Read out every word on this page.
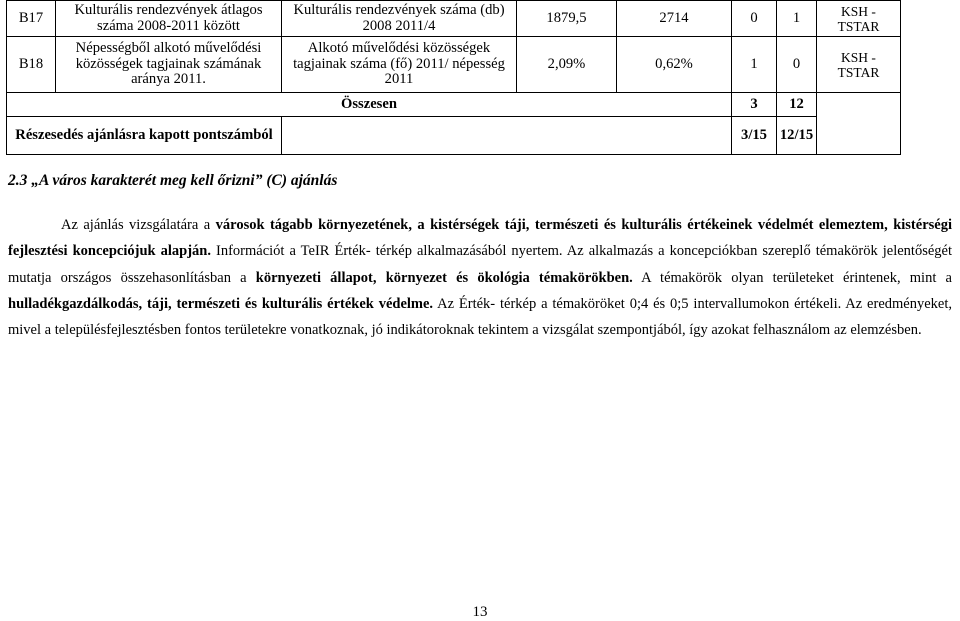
B17	Kulturális rendezvények átlagos száma 2008-2011 között	Kulturális rendezvények száma (db) 2008 2011/4	1879,5	2714	0	1	KSH - TSTAR
B18	Népességből alkotó művelődési közösségek tagjainak számának aránya 2011.	Alkotó művelődési közösségek tagjainak száma (fő) 2011/ népesség 2011	2,09%	0,62%	1	0	KSH - TSTAR
Összesen					3	12	
Részesedés ajánlásra kapott pontszámból					3/15	12/15	
2.3 „A város karakterét meg kell őrizni” (C) ajánlás

Az ajánlás vizsgálatára a városok tágabb környezetének, a kistérségek táji, természeti és kulturális értékeinek védelmét elemeztem, kistérségi fejlesztési koncepciójuk alapján. Információt a TeIR Érték- térkép alkalmazásából nyertem. Az alkalmazás a koncepciókban szereplő témakörök jelentőségét mutatja országos összehasonlításban a környezeti állapot, környezet és ökológia témakörökben. A témakörök olyan területeket érintenek, mint a hulladékgazdálkodás, táji, természeti és kulturális értékek védelme. Az Érték- térkép a témaköröket 0;4 és 0;5 intervallumokon értékeli. Az eredményeket, mivel a településfejlesztésben fontos területekre vonatkoznak, jó indikátoroknak tekintem a vizsgálat szempontjából, így azokat felhasználom az elemzésben.

13
